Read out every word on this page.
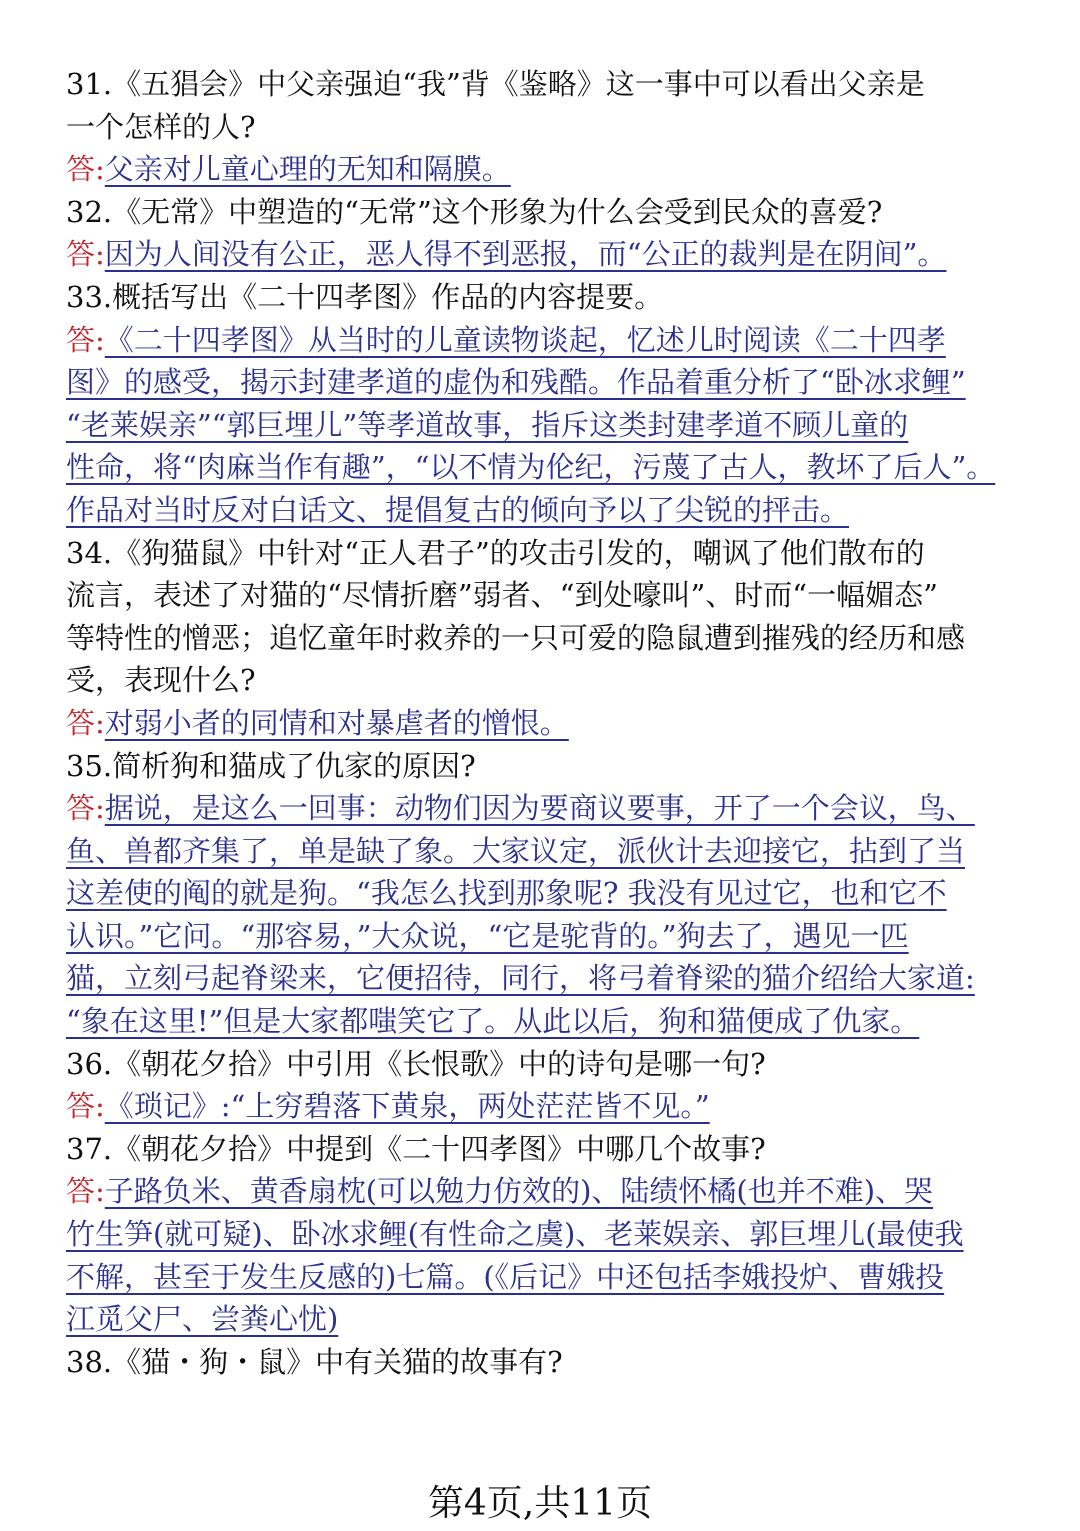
31.《五猖会》中父亲强迫“我”背《鉴略》这一事中可以看出父亲是
一个怎样的人?
答:父亲对儿童心理的无知和隔膜。
32.《无常》中塑造的“无常”这个形象为什么会受到民众的喜爱?
答:因为人间没有公正，恶人得不到恶报，而“公正的裁判是在阴间”。
33.概括写出《二十四孝图》作品的内容提要。
答:《二十四孝图》从当时的儿童读物谈起，忆述儿时阅读《二十四孝
图》的感受，揭示封建孝道的虚伪和残酷。作品着重分析了“卧冰求鲤”
“老莱娱亲”“郭巨埋儿”等孝道故事，指斥这类封建孝道不顾儿童的
性命，将“肉麻当作有趣”，“以不情为伦纪，污蔑了古人，教坏了后人”。
作品对当时反对白话文、提倡复古的倾向予以了尖锐的抨击。
34.《狗猫鼠》中针对“正人君子”的攻击引发的，嘲讽了他们散布的
流言，表述了对猫的“尽情折磨”弱者、“到处嚎叫”、时而“一幅媚态”
等特性的憎恶；追忆童年时救养的一只可爱的隐鼠遭到摧残的经历和感
受，表现什么?
答:对弱小者的同情和对暴虐者的憎恨。
35.简析狗和猫成了仇家的原因?
答:据说，是这么一回事：动物们因为要商议要事，开了一个会议，鸟、
鱼、兽都齐集了，单是缺了象。大家议定，派伙计去迎接它，拈到了当
这差使的阄的就是狗。“我怎么找到那象呢? 我没有见过它，也和它不
认识。”它问。“那容易，”大众说，“它是驼背的。”狗去了，遇见一匹
猫，立刻弓起脊梁来，它便招待，同行，将弓着脊梁的猫介绍给大家道:
“象在这里!”但是大家都嗤笑它了。从此以后，狗和猫便成了仇家。
36.《朝花夕拾》中引用《长恨歌》中的诗句是哪一句?
答:《琐记》:“上穷碧落下黄泉，两处茫茫皆不见。”
37.《朝花夕拾》中提到《二十四孝图》中哪几个故事?
答:子路负米、黄香扇枕(可以勉力仿效的)、陆绩怀橘(也并不难)、哭
竹生笋(就可疑)、卧冰求鲤(有性命之虞)、老莱娱亲、郭巨埋儿(最使我
不解，甚至于发生反感的)七篇。(《后记》中还包括李娥投炉、曹娥投
江觅父尸、尝粪心忧)
38.《猫・狗・鼠》中有关猫的故事有?
第4页,共11页
